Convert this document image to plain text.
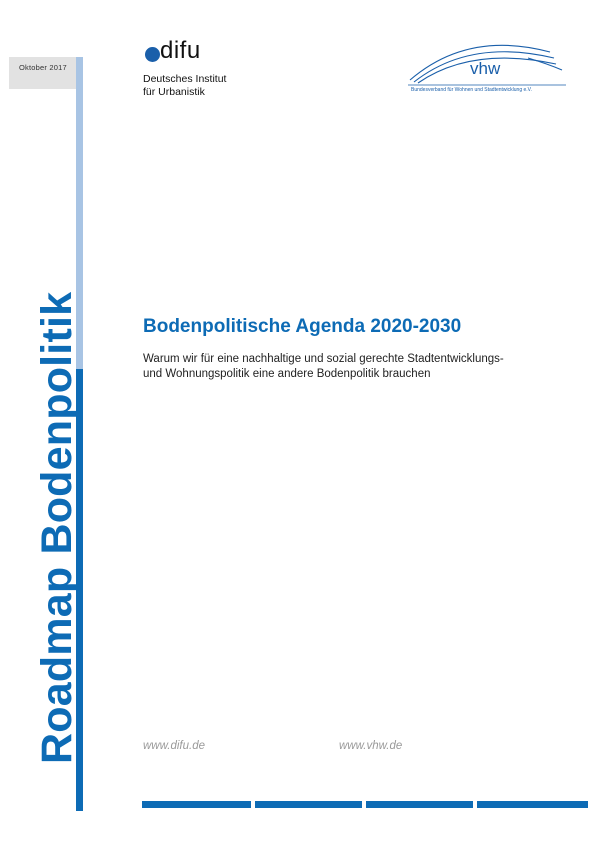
Oktober 2017
Roadmap Bodenpolitik
difu
Deutsches Institut
für Urbanistik
vhw
Bundesverband für Wohnen und Stadtentwicklung e.V.
Bodenpolitische Agenda 2020-2030

Warum wir für eine nachhaltige und sozial gerechte Stadtentwicklungs-
und Wohnungspolitik eine andere Bodenpolitik brauchen

www.difu.de	www.vhw.de
